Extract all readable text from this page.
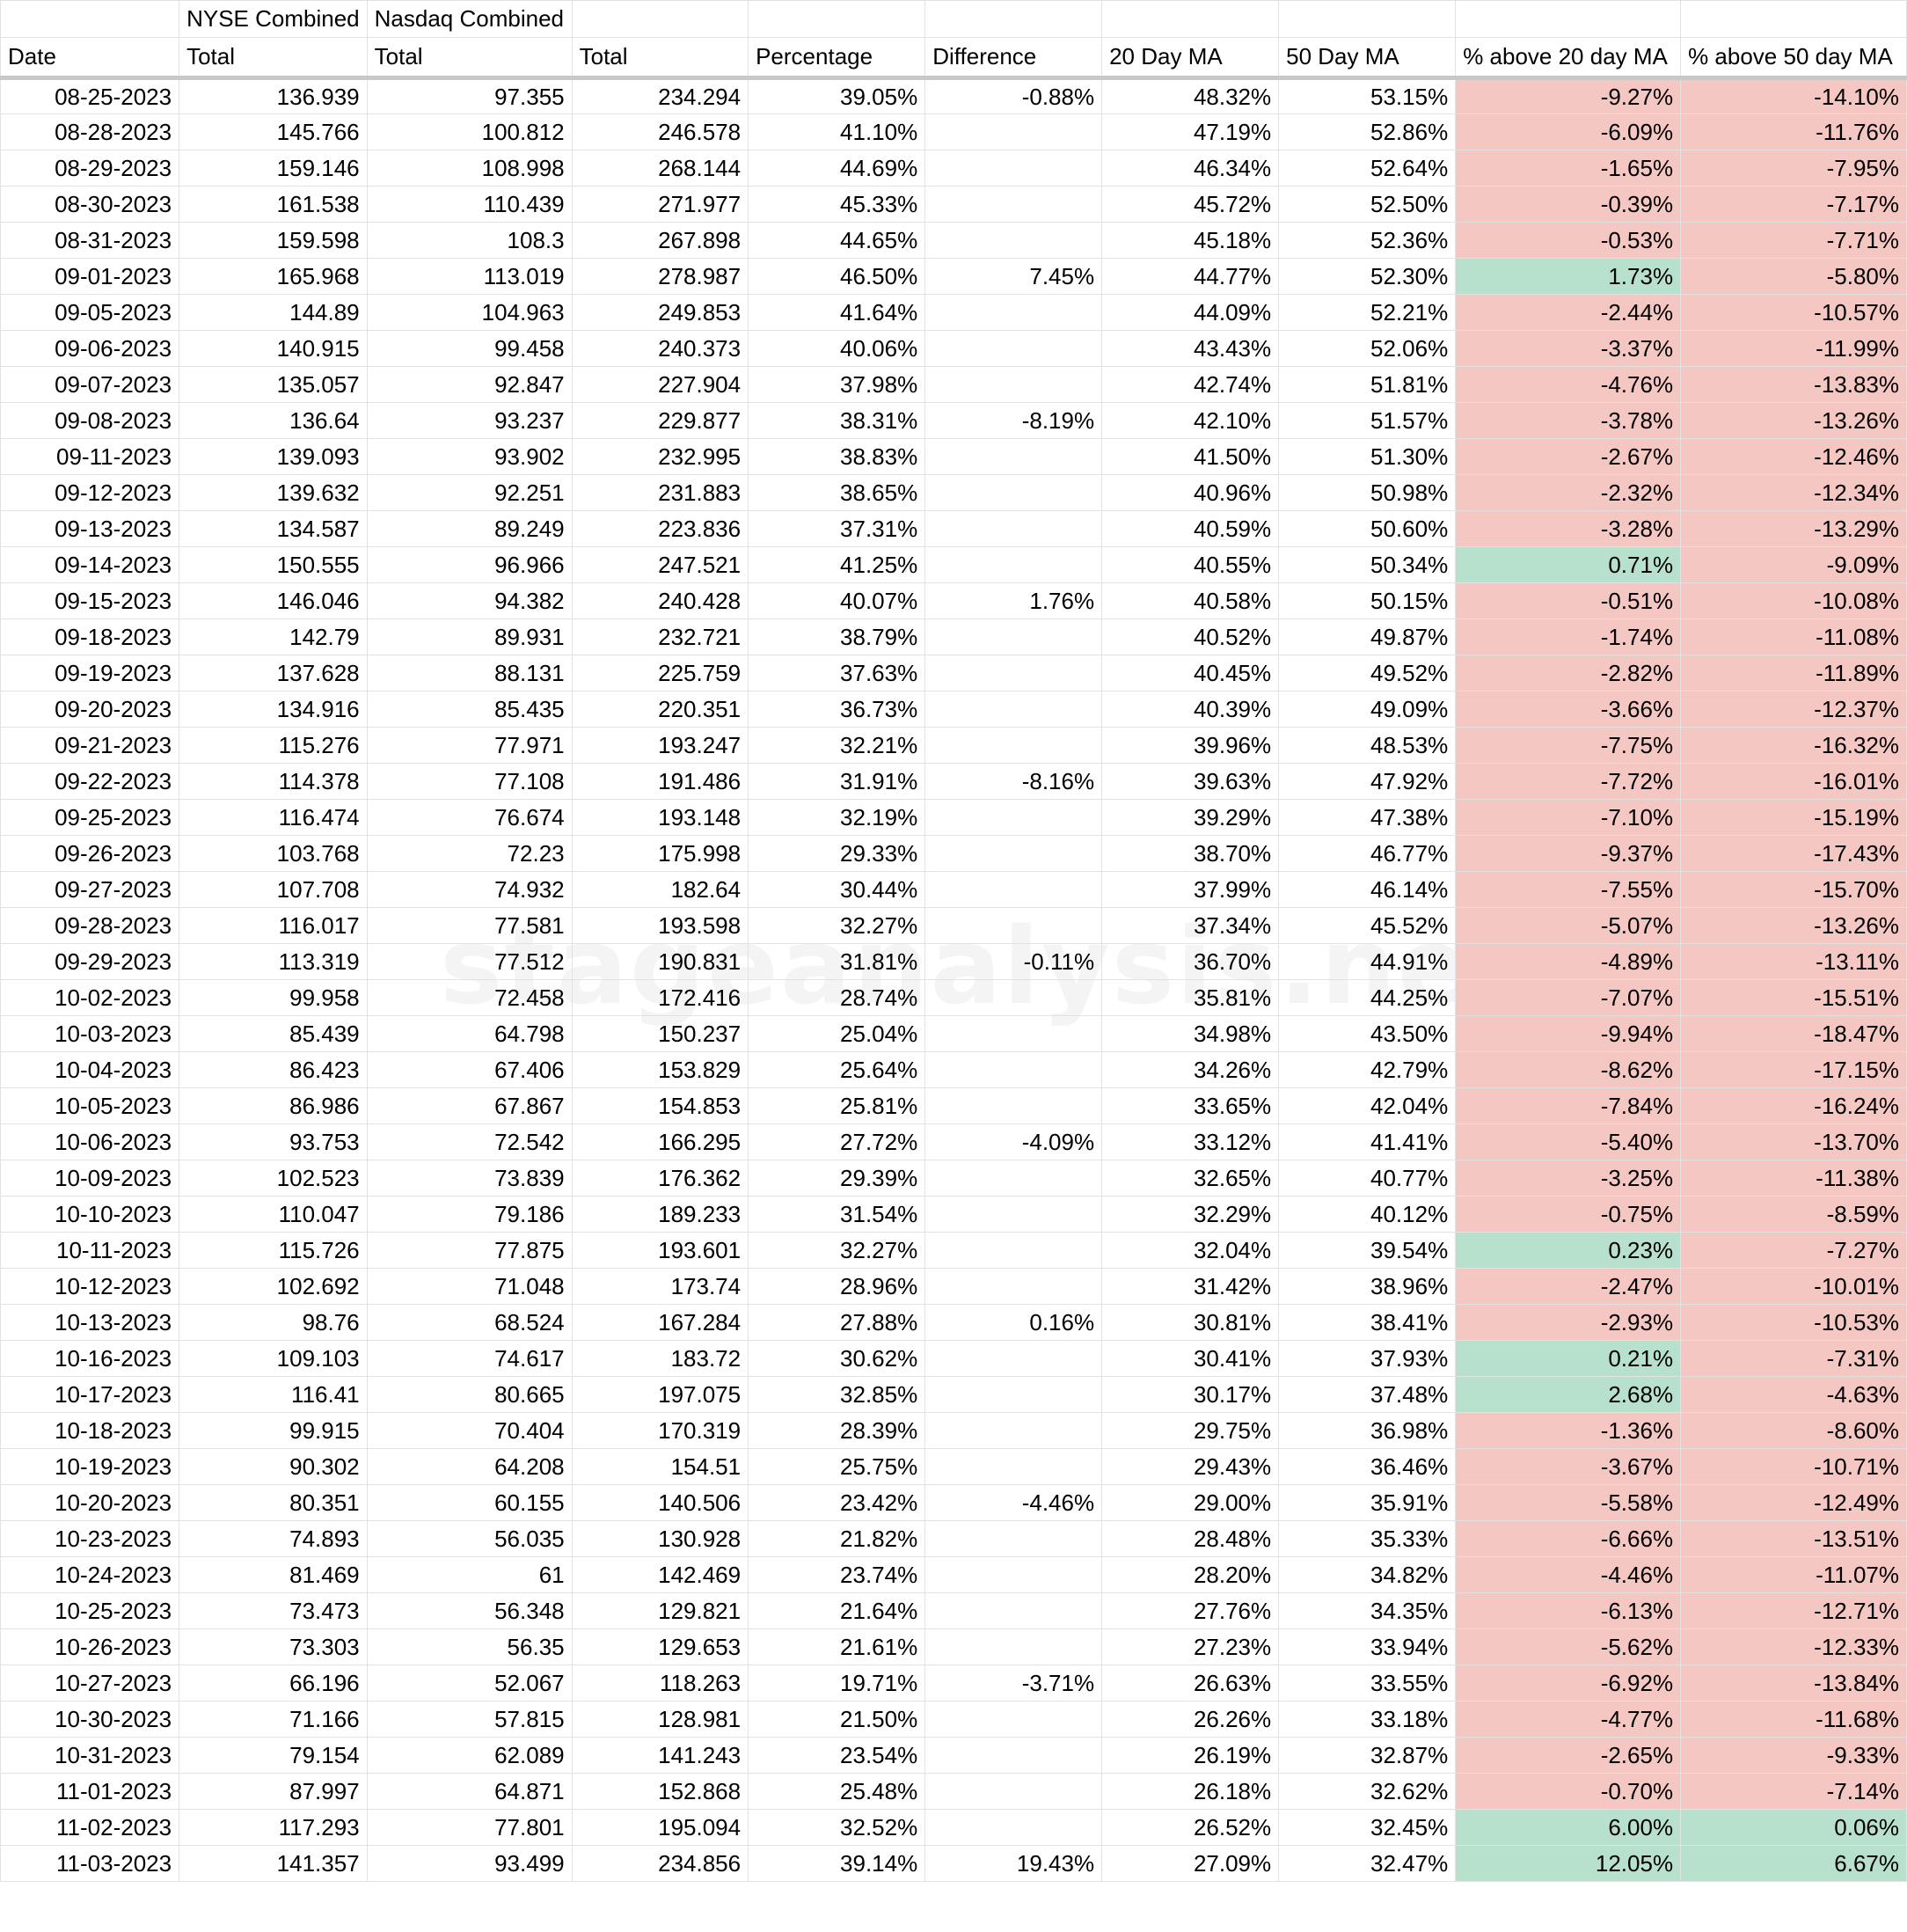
	NYSE Combined	Nasdaq Combined							
Date	Total	Total	Total	Percentage	Difference	20 Day MA	50 Day MA	% above 20 day MA	% above 50 day MA
08-25-2023	136.939	97.355	234.294	39.05%	-0.88%	48.32%	53.15%	-9.27%	-14.10%
08-28-2023	145.766	100.812	246.578	41.10%		47.19%	52.86%	-6.09%	-11.76%
08-29-2023	159.146	108.998	268.144	44.69%		46.34%	52.64%	-1.65%	-7.95%
08-30-2023	161.538	110.439	271.977	45.33%		45.72%	52.50%	-0.39%	-7.17%
08-31-2023	159.598	108.3	267.898	44.65%		45.18%	52.36%	-0.53%	-7.71%
09-01-2023	165.968	113.019	278.987	46.50%	7.45%	44.77%	52.30%	1.73%	-5.80%
09-05-2023	144.89	104.963	249.853	41.64%		44.09%	52.21%	-2.44%	-10.57%
09-06-2023	140.915	99.458	240.373	40.06%		43.43%	52.06%	-3.37%	-11.99%
09-07-2023	135.057	92.847	227.904	37.98%		42.74%	51.81%	-4.76%	-13.83%
09-08-2023	136.64	93.237	229.877	38.31%	-8.19%	42.10%	51.57%	-3.78%	-13.26%
09-11-2023	139.093	93.902	232.995	38.83%		41.50%	51.30%	-2.67%	-12.46%
09-12-2023	139.632	92.251	231.883	38.65%		40.96%	50.98%	-2.32%	-12.34%
09-13-2023	134.587	89.249	223.836	37.31%		40.59%	50.60%	-3.28%	-13.29%
09-14-2023	150.555	96.966	247.521	41.25%		40.55%	50.34%	0.71%	-9.09%
09-15-2023	146.046	94.382	240.428	40.07%	1.76%	40.58%	50.15%	-0.51%	-10.08%
09-18-2023	142.79	89.931	232.721	38.79%		40.52%	49.87%	-1.74%	-11.08%
09-19-2023	137.628	88.131	225.759	37.63%		40.45%	49.52%	-2.82%	-11.89%
09-20-2023	134.916	85.435	220.351	36.73%		40.39%	49.09%	-3.66%	-12.37%
09-21-2023	115.276	77.971	193.247	32.21%		39.96%	48.53%	-7.75%	-16.32%
09-22-2023	114.378	77.108	191.486	31.91%	-8.16%	39.63%	47.92%	-7.72%	-16.01%
09-25-2023	116.474	76.674	193.148	32.19%		39.29%	47.38%	-7.10%	-15.19%
09-26-2023	103.768	72.23	175.998	29.33%		38.70%	46.77%	-9.37%	-17.43%
09-27-2023	107.708	74.932	182.64	30.44%		37.99%	46.14%	-7.55%	-15.70%
09-28-2023	116.017	77.581	193.598	32.27%		37.34%	45.52%	-5.07%	-13.26%
09-29-2023	113.319	77.512	190.831	31.81%	-0.11%	36.70%	44.91%	-4.89%	-13.11%
10-02-2023	99.958	72.458	172.416	28.74%		35.81%	44.25%	-7.07%	-15.51%
10-03-2023	85.439	64.798	150.237	25.04%		34.98%	43.50%	-9.94%	-18.47%
10-04-2023	86.423	67.406	153.829	25.64%		34.26%	42.79%	-8.62%	-17.15%
10-05-2023	86.986	67.867	154.853	25.81%		33.65%	42.04%	-7.84%	-16.24%
10-06-2023	93.753	72.542	166.295	27.72%	-4.09%	33.12%	41.41%	-5.40%	-13.70%
10-09-2023	102.523	73.839	176.362	29.39%		32.65%	40.77%	-3.25%	-11.38%
10-10-2023	110.047	79.186	189.233	31.54%		32.29%	40.12%	-0.75%	-8.59%
10-11-2023	115.726	77.875	193.601	32.27%		32.04%	39.54%	0.23%	-7.27%
10-12-2023	102.692	71.048	173.74	28.96%		31.42%	38.96%	-2.47%	-10.01%
10-13-2023	98.76	68.524	167.284	27.88%	0.16%	30.81%	38.41%	-2.93%	-10.53%
10-16-2023	109.103	74.617	183.72	30.62%		30.41%	37.93%	0.21%	-7.31%
10-17-2023	116.41	80.665	197.075	32.85%		30.17%	37.48%	2.68%	-4.63%
10-18-2023	99.915	70.404	170.319	28.39%		29.75%	36.98%	-1.36%	-8.60%
10-19-2023	90.302	64.208	154.51	25.75%		29.43%	36.46%	-3.67%	-10.71%
10-20-2023	80.351	60.155	140.506	23.42%	-4.46%	29.00%	35.91%	-5.58%	-12.49%
10-23-2023	74.893	56.035	130.928	21.82%		28.48%	35.33%	-6.66%	-13.51%
10-24-2023	81.469	61	142.469	23.74%		28.20%	34.82%	-4.46%	-11.07%
10-25-2023	73.473	56.348	129.821	21.64%		27.76%	34.35%	-6.13%	-12.71%
10-26-2023	73.303	56.35	129.653	21.61%		27.23%	33.94%	-5.62%	-12.33%
10-27-2023	66.196	52.067	118.263	19.71%	-3.71%	26.63%	33.55%	-6.92%	-13.84%
10-30-2023	71.166	57.815	128.981	21.50%		26.26%	33.18%	-4.77%	-11.68%
10-31-2023	79.154	62.089	141.243	23.54%		26.19%	32.87%	-2.65%	-9.33%
11-01-2023	87.997	64.871	152.868	25.48%		26.18%	32.62%	-0.70%	-7.14%
11-02-2023	117.293	77.801	195.094	32.52%		26.52%	32.45%	6.00%	0.06%
11-03-2023	141.357	93.499	234.856	39.14%	19.43%	27.09%	32.47%	12.05%	6.67%
